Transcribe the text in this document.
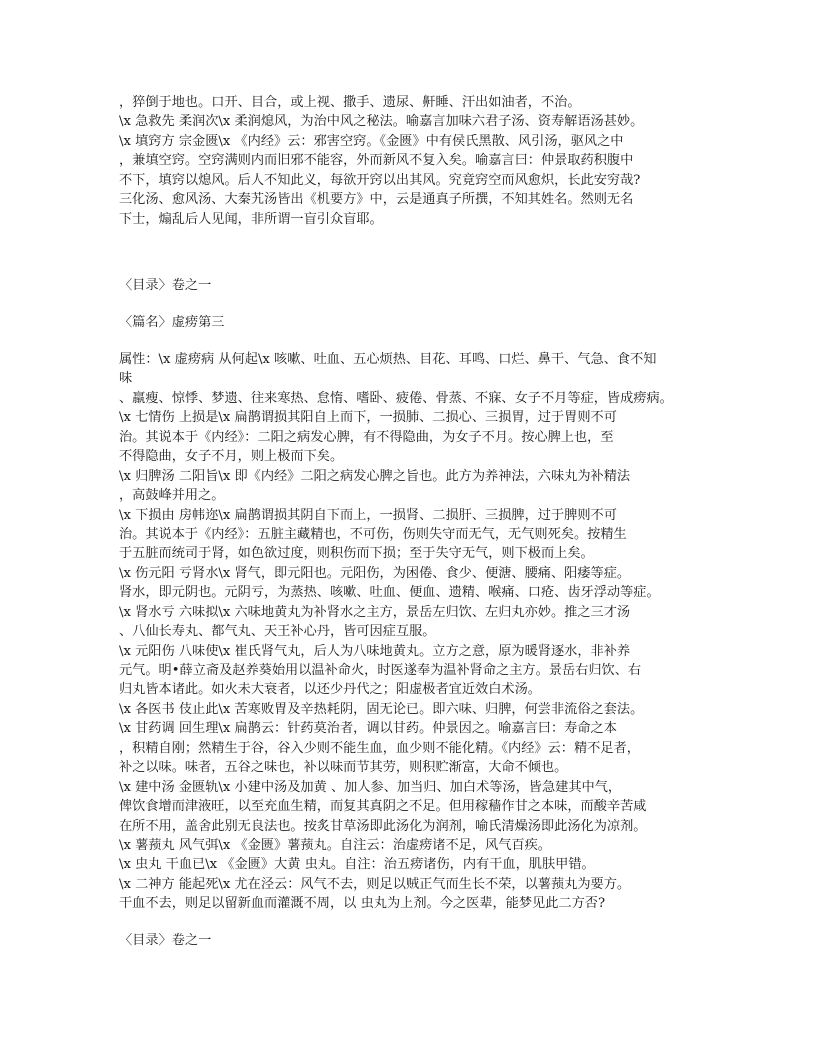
，猝倒于地也。口开、目合，或上视、撒手、遗尿、鼾睡、汗出如油者，不治。
\x 急救先 柔润次\x 柔润熄风，为治中风之秘法。喻嘉言加味六君子汤、资寿解语汤甚妙。
\x 填窍方 宗金匮\x 《内经》云：邪害空窍。《金匮》中有侯氏黑散、风引汤，驱风之中
，兼填空窍。空窍满则内而旧邪不能容，外而新风不复入矣。喻嘉言曰：仲景取药积腹中
不下，填窍以熄风。后人不知此义，每欲开窍以出其风。究竟窍空而风愈炽，长此安穷哉?
三化汤、愈风汤、大秦艽汤皆出《机要方》中，云是通真子所撰，不知其姓名。然则无名
下士，煽乱后人见闻，非所谓一盲引众盲耶。
〈目录〉卷之一
〈篇名〉虚痨第三
属性：\x 虚痨病 从何起\x 咳嗽、吐血、五心烦热、目花、耳鸣、口烂、鼻干、气急、食不知
味
、羸瘦、惊悸、梦遗、往来寒热、怠惰、嗜卧、疲倦、骨蒸、不寐、女子不月等症，皆成痨病。
\x 七情伤 上损是\x 扁鹊谓损其阳自上而下，一损肺、二损心、三损胃，过于胃则不可
治。其说本于《内经》：二阳之病发心脾，有不得隐曲，为女子不月。按心脾上也，至
不得隐曲，女子不月，则上极而下矣。
\x 归脾汤 二阳旨\x 即《内经》二阳之病发心脾之旨也。此方为养神法，六味丸为补精法
，高鼓峰并用之。
\x 下损由 房帏迩\x 扁鹊谓损其阴自下而上，一损肾、二损肝、三损脾，过于脾则不可
治。其说本于《内经》：五脏主藏精也，不可伤，伤则失守而无气，无气则死矣。按精生
于五脏而统司于肾，如色欲过度，则积伤而下损；至于失守无气，则下极而上矣。
\x 伤元阳 亏肾水\x 肾气，即元阳也。元阳伤，为困倦、食少、便溏、腰痛、阳痿等症。
肾水，即元阴也。元阴亏，为蒸热、咳嗽、吐血、便血、遗精、喉痛、口疮、齿牙浮动等症。
\x 肾水亏 六味拟\x 六味地黄丸为补肾水之主方，景岳左归饮、左归丸亦妙。推之三才汤
、八仙长寿丸、都气丸、天王补心丹，皆可因症互服。
\x 元阳伤 八味使\x 崔氏肾气丸，后人为八味地黄丸。立方之意，原为暖肾逐水，非补养
元气。明•薛立斋及赵养葵始用以温补命火，时医遂奉为温补肾命之主方。景岳右归饮、右
归丸皆本诸此。如火未大衰者，以还少丹代之；阳虚极者宜近效白术汤。
\x 各医书 伎止此\x 苦寒败胃及辛热耗阴，固无论已。即六味、归脾，何尝非流俗之套法。
\x 甘药调 回生理\x 扁鹊云：针药莫治者，调以甘药。仲景因之。喻嘉言曰：寿命之本
，积精自刚；然精生于谷，谷入少则不能生血，血少则不能化精。《内经》云：精不足者，
补之以味。味者，五谷之味也，补以味而节其劳，则积贮渐富，大命不倾也。
\x 建中汤 金匮轨\x 小建中汤及加黄 、加人参、加当归、加白术等汤，皆急建其中气，
俾饮食增而津液旺，以至充血生精，而复其真阴之不足。但用稼穑作甘之本味，而酸辛苦咸
在所不用，盖舍此别无良法也。按炙甘草汤即此汤化为润剂，喻氏清燥汤即此汤化为凉剂。
\x 薯蓣丸 风气弭\x 《金匮》薯蓣丸。自注云：治虚痨诸不足，风气百疾。
\x 虫丸 干血已\x 《金匮》大黄 虫丸。自注：治五痨诸伤，内有干血，肌肤甲错。
\x 二神方 能起死\x 尤在泾云：风气不去，则足以贼正气而生长不荣，以薯蓣丸为要方。
干血不去，则足以留新血而灌溉不周，以 虫丸为上剂。今之医辈，能梦见此二方否?
〈目录〉卷之一
